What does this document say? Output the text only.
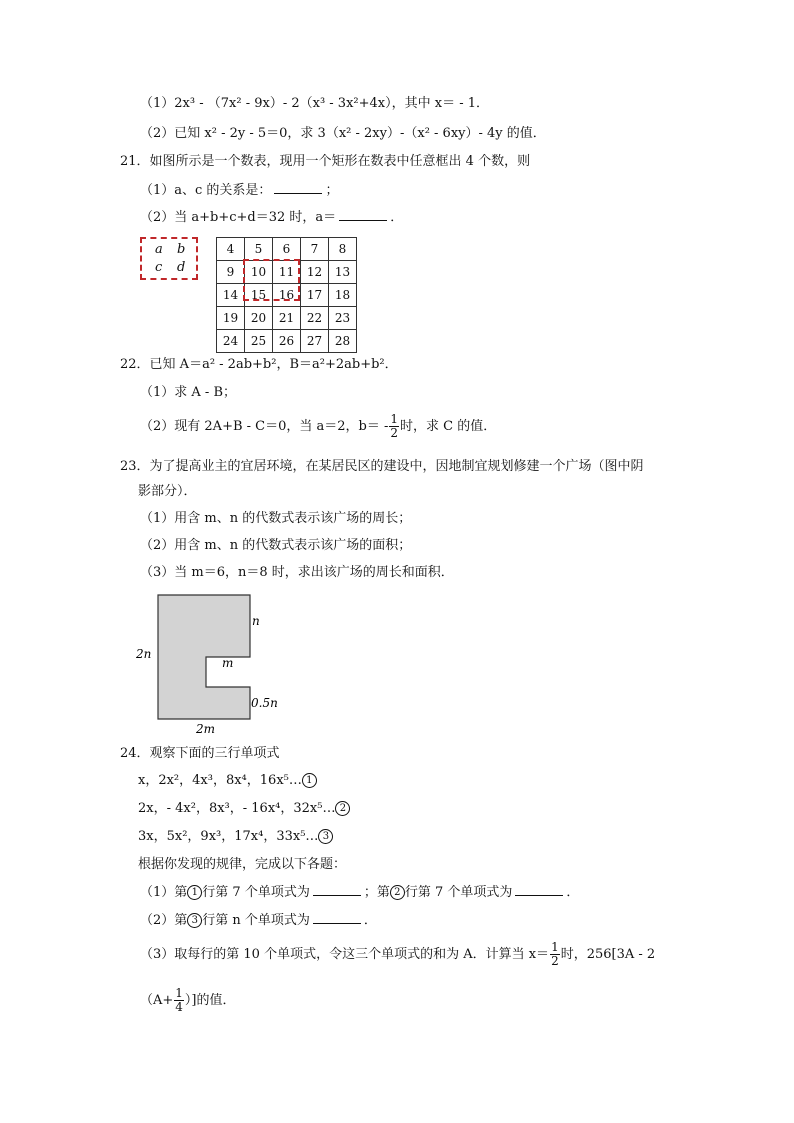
（1）2x³ - （7x² - 9x）- 2（x³ - 3x²+4x），其中 x＝ - 1．
（2）已知 x² - 2y - 5＝0，求 3（x² - 2xy）-（x² - 6xy）- 4y 的值．
21．如图所示是一个数表，现用一个矩形在数表中任意框出 4 个数，则
（1）a、c 的关系是：	；
（2）当 a+b+c+d＝32 时，a＝	．
a b
c d
4	5	6	7	8
9	10	11	12	13
14	15	16	17	18
19	20	21	22	23
24	25	26	27	28
22．已知 A＝a² - 2ab+b²，B＝a²+2ab+b²．
（1）求 A - B；
（2）现有 2A+B - C＝0，当 a＝2，$b= - \frac{1}{2}$ 时，求 C 的值．
23．为了提高业主的宜居环境，在某居民区的建设中，因地制宜规划修建一个广场（图中阴
影部分）．
（1）用含 m、n 的代数式表示该广场的周长；
（2）用含 m、n 的代数式表示该广场的面积；
（3）当 m＝6，n＝8 时，求出该广场的周长和面积．
n
m
2n
0.5n
2m
24．观察下面的三行单项式
x，2x²，4x³，8x⁴，16x⁵… 1
2x，- 4x²，8x³，- 16x⁴，32x⁵… 2
3x，5x²，9x³，17x⁴，33x⁵… 3
根据你发现的规律，完成以下各题：
（1）第 1 行第 7 个单项式为	；第 2 行第 7 个单项式为	．
（2）第 3 行第 n 个单项式为	．
（3）取每行的第 10 个单项式，令这三个单项式的和为 A．计算当 $x= \frac{1}{2}$ 时，256[3A - 2
（$A+ \frac{1}{4}$ ）]的值．
